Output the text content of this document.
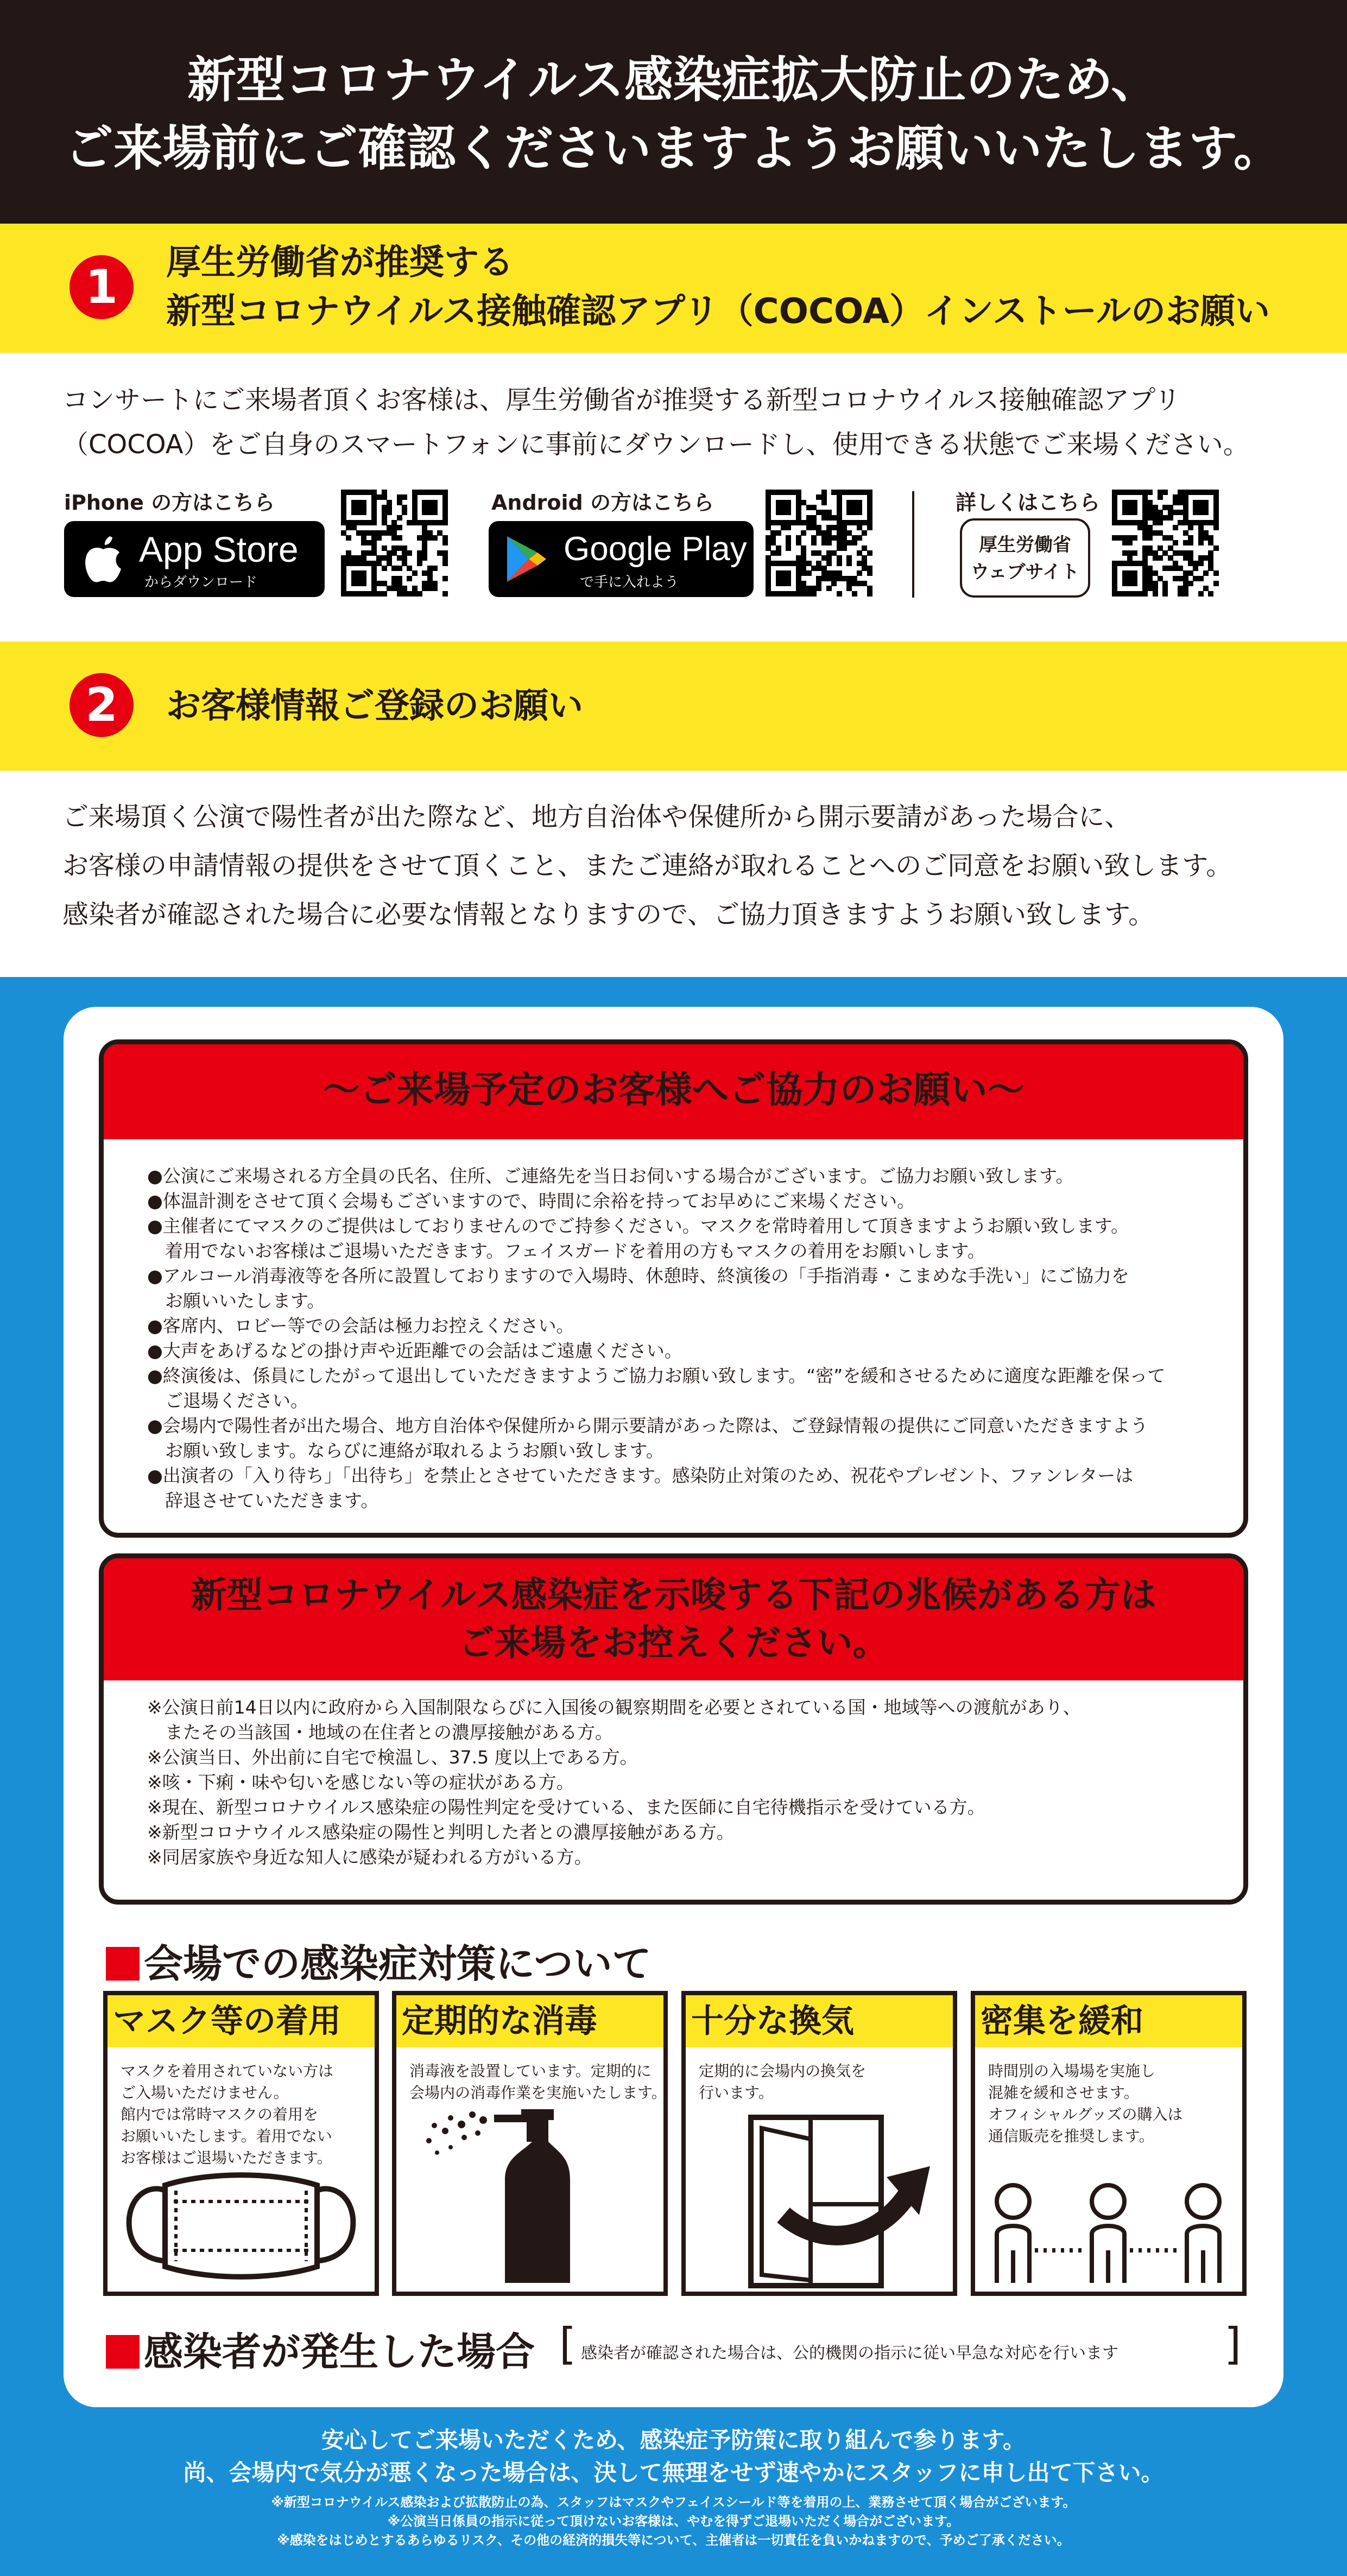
新型コロナウイルス感染症拡大防止のため、
ご来場前にご確認くださいますようお願いいたします。
1	厚生労働省が推奨する
新型コロナウイルス接触確認アプリ（COCOA）インストールのお願い
コンサートにご来場者頂くお客様は、厚生労働省が推奨する新型コロナウイルス接触確認アプリ
（COCOA）をご自身のスマートフォンに事前にダウンロードし、使用できる状態でご来場ください。
iPhone の方はこちら
App Store
からダウンロード
Android の方はこちら
Google Play
で手に入れよう
詳しくはこちら
厚生労働省
ウェブサイト
2	お客様情報ご登録のお願い
ご来場頂く公演で陽性者が出た際など、地方自治体や保健所から開示要請があった場合に、
お客様の申請情報の提供をさせて頂くこと、またご連絡が取れることへのご同意をお願い致します。
感染者が確認された場合に必要な情報となりますので、ご協力頂きますようお願い致します。
～ご来場予定のお客様へご協力のお願い～
●公演にご来場される方全員の氏名、住所、ご連絡先を当日お伺いする場合がございます。ご協力お願い致します。
●体温計測をさせて頂く会場もございますので、時間に余裕を持ってお早めにご来場ください。
●主催者にてマスクのご提供はしておりませんのでご持参ください。マスクを常時着用して頂きますようお願い致します。
　着用でないお客様はご退場いただきます。フェイスガードを着用の方もマスクの着用をお願いします。
●アルコール消毒液等を各所に設置しておりますので入場時、休憩時、終演後の「手指消毒・こまめな手洗い」にご協力を
　お願いいたします。
●客席内、ロビー等での会話は極力お控えください。
●大声をあげるなどの掛け声や近距離での会話はご遠慮ください。
●終演後は、係員にしたがって退出していただきますようご協力お願い致します。“密”を緩和させるために適度な距離を保って
　ご退場ください。
●会場内で陽性者が出た場合、地方自治体や保健所から開示要請があった際は、ご登録情報の提供にご同意いただきますよう
　お願い致します。ならびに連絡が取れるようお願い致します。
●出演者の「入り待ち」「出待ち」を禁止とさせていただきます。感染防止対策のため、祝花やプレゼント、ファンレターは
　辞退させていただきます。
新型コロナウイルス感染症を示唆する下記の兆候がある方は
ご来場をお控えください。
※公演日前14日以内に政府から入国制限ならびに入国後の観察期間を必要とされている国・地域等への渡航があり、
　またその当該国・地域の在住者との濃厚接触がある方。
※公演当日、外出前に自宅で検温し、37.5 度以上である方。
※咳・下痢・味や匂いを感じない等の症状がある方。
※現在、新型コロナウイルス感染症の陽性判定を受けている、また医師に自宅待機指示を受けている方。
※新型コロナウイルス感染症の陽性と判明した者との濃厚接触がある方。
※同居家族や身近な知人に感染が疑われる方がいる方。
会場での感染症対策について
マスク等の着用
マスクを着用されていない方は
ご入場いただけません。
館内では常時マスクの着用を
お願いいたします。着用でない
お客様はご退場いただきます。
定期的な消毒
消毒液を設置しています。定期的に
会場内の消毒作業を実施いたします。
十分な換気
定期的に会場内の換気を
行います。
密集を緩和
時間別の入場場を実施し
混雑を緩和させます。
オフィシャルグッズの購入は
通信販売を推奨します。
感染者が発生した場合 [ 感染者が確認された場合は、公的機関の指示に従い早急な対応を行います ]
安心してご来場いただくため、感染症予防策に取り組んで参ります。
尚、会場内で気分が悪くなった場合は、決して無理をせず速やかにスタッフに申し出て下さい。
※新型コロナウイルス感染および拡散防止の為、スタッフはマスクやフェイスシールド等を着用の上、業務させて頂く場合がございます。
※公演当日係員の指示に従って頂けないお客様は、やむを得ずご退場いただく場合がございます。
※感染をはじめとするあらゆるリスク、その他の経済的損失等について、主催者は一切責任を負いかねますので、予めご了承ください。
